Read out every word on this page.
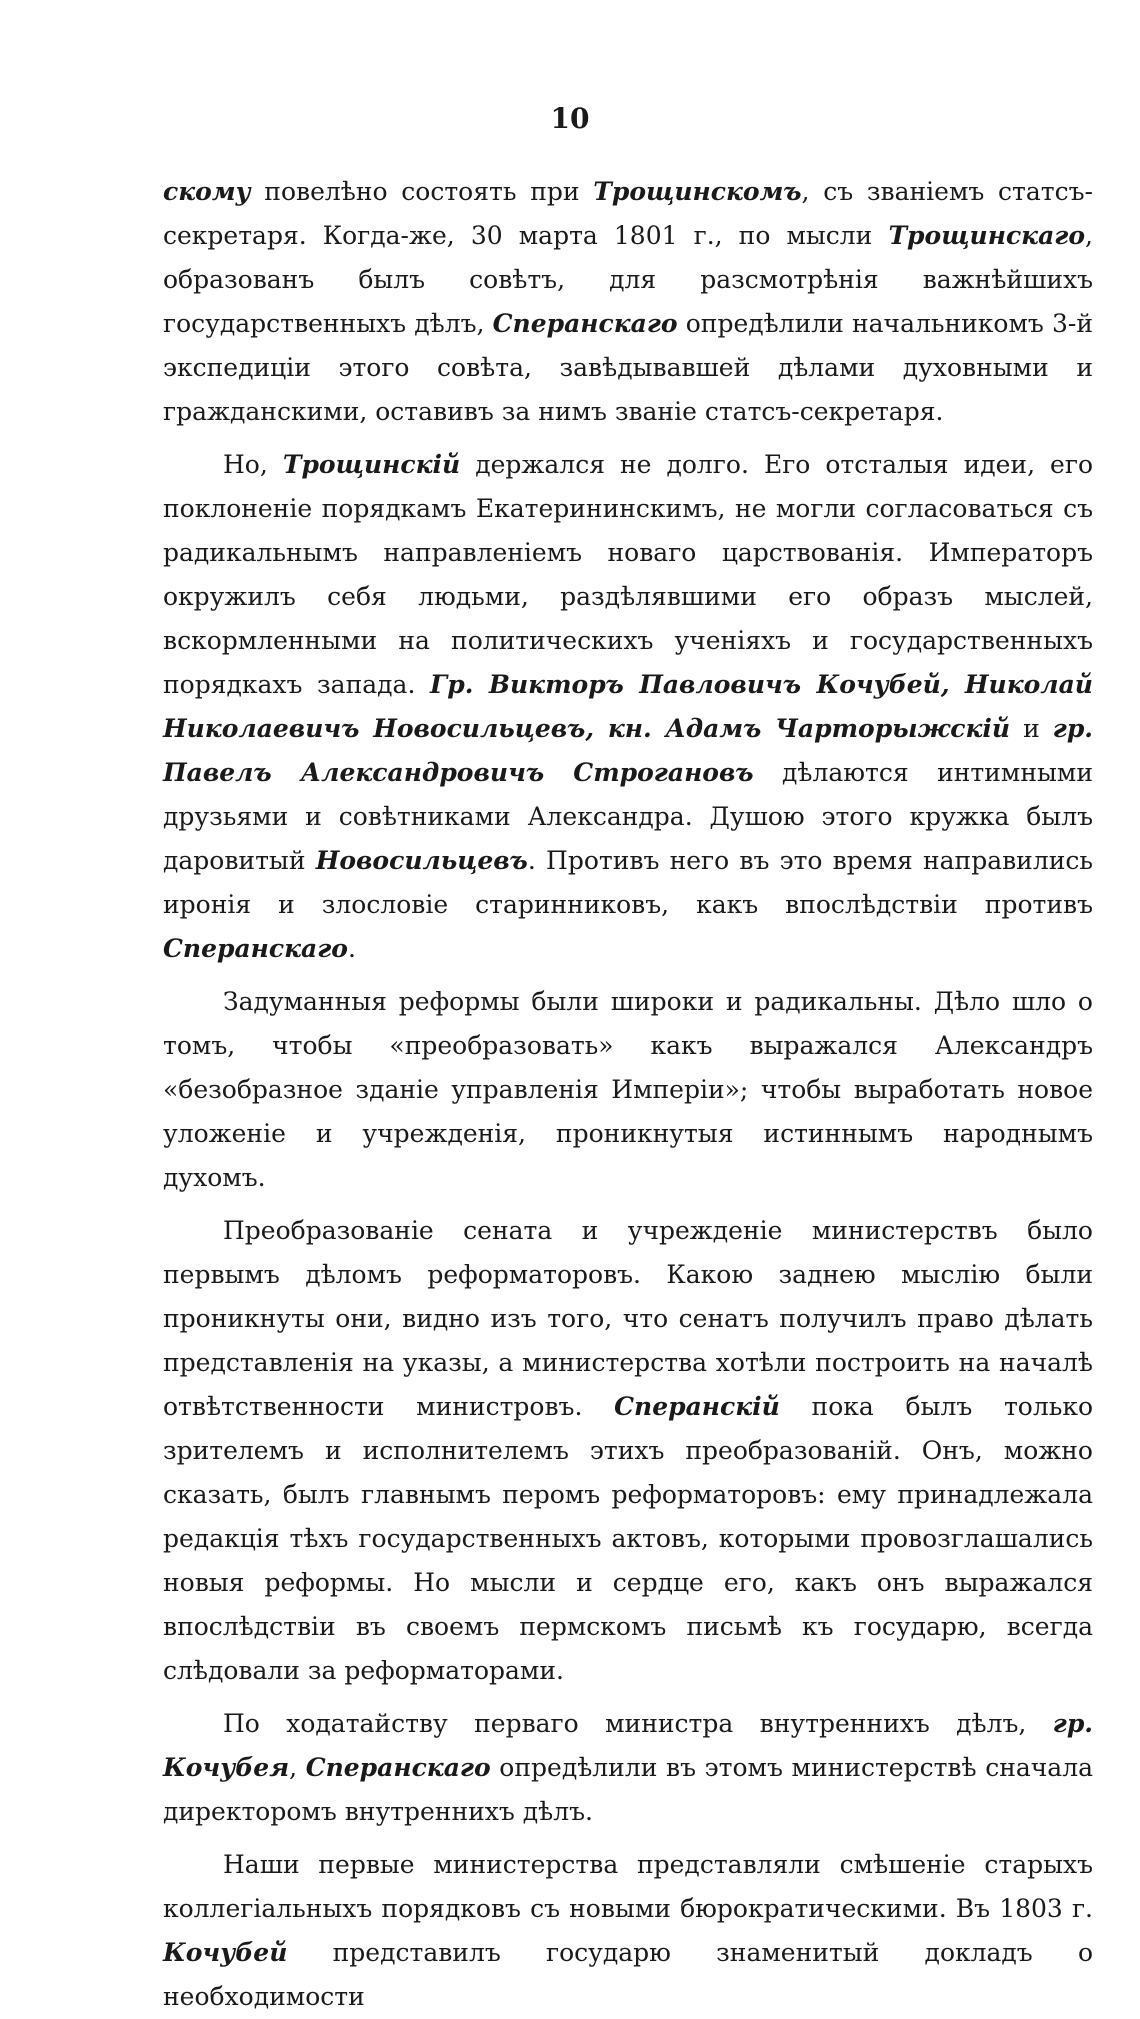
10

скому повелѣно состоять при Трощинскомъ, съ званіемъ статсъ-секретаря. Когда-же, 30 марта 1801 г., по мысли Трощинскаго, образованъ былъ совѣтъ, для разсмотрѣнія важнѣйшихъ государственныхъ дѣлъ, Сперанскаго опредѣлили начальникомъ 3-й экспедиціи этого совѣта, завѣдывавшей дѣлами духовными и гражданскими, оставивъ за нимъ званіе статсъ-секретаря.

Но, Трощинскій держался не долго. Его отсталыя идеи, его поклоненіе порядкамъ Екатерининскимъ, не могли согласоваться съ радикальнымъ направленіемъ новаго царствованія. Императоръ окружилъ себя людьми, раздѣлявшими его образъ мыслей, вскормленными на политическихъ ученіяхъ и государственныхъ порядкахъ запада. Гр. Викторъ Павловичъ Кочубей, Николай Николаевичъ Новосильцевъ, кн. Адамъ Чарторыжскій и гр. Павелъ Александровичъ Строгановъ дѣлаются интимными друзьями и совѣтниками Александра. Душою этого кружка былъ даровитый Новосильцевъ. Противъ него въ это время направились иронія и злословіе старинниковъ, какъ впослѣдствіи противъ Сперанскаго.

Задуманныя реформы были широки и радикальны. Дѣло шло о томъ, чтобы «преобразовать» какъ выражался Александръ «безобразное зданіе управленія Имперіи»; чтобы выработать новое уложеніе и учрежденія, проникнутыя истиннымъ народнымъ духомъ.

Преобразованіе сената и учрежденіе министерствъ было первымъ дѣломъ реформаторовъ. Какою заднею мыслію были проникнуты они, видно изъ того, что сенатъ получилъ право дѣлать представленія на указы, а министерства хотѣли построить на началѣ отвѣтственности министровъ. Сперанскій пока былъ только зрителемъ и исполнителемъ этихъ преобразованій. Онъ, можно сказать, былъ главнымъ перомъ реформаторовъ: ему принадлежала редакція тѣхъ государственныхъ актовъ, которыми провозглашались новыя реформы. Но мысли и сердце его, какъ онъ выражался впослѣдствіи въ своемъ пермскомъ письмѣ къ государю, всегда слѣдовали за реформаторами.

По ходатайству перваго министра внутреннихъ дѣлъ, гр. Кочубея, Сперанскаго опредѣлили въ этомъ министерствѣ сначала директоромъ внутреннихъ дѣлъ.

Наши первые министерства представляли смѣшеніе старыхъ коллегіальныхъ порядковъ съ новыми бюрократическими. Въ 1803 г. Кочубей представилъ государю знаменитый докладъ о необходимости
